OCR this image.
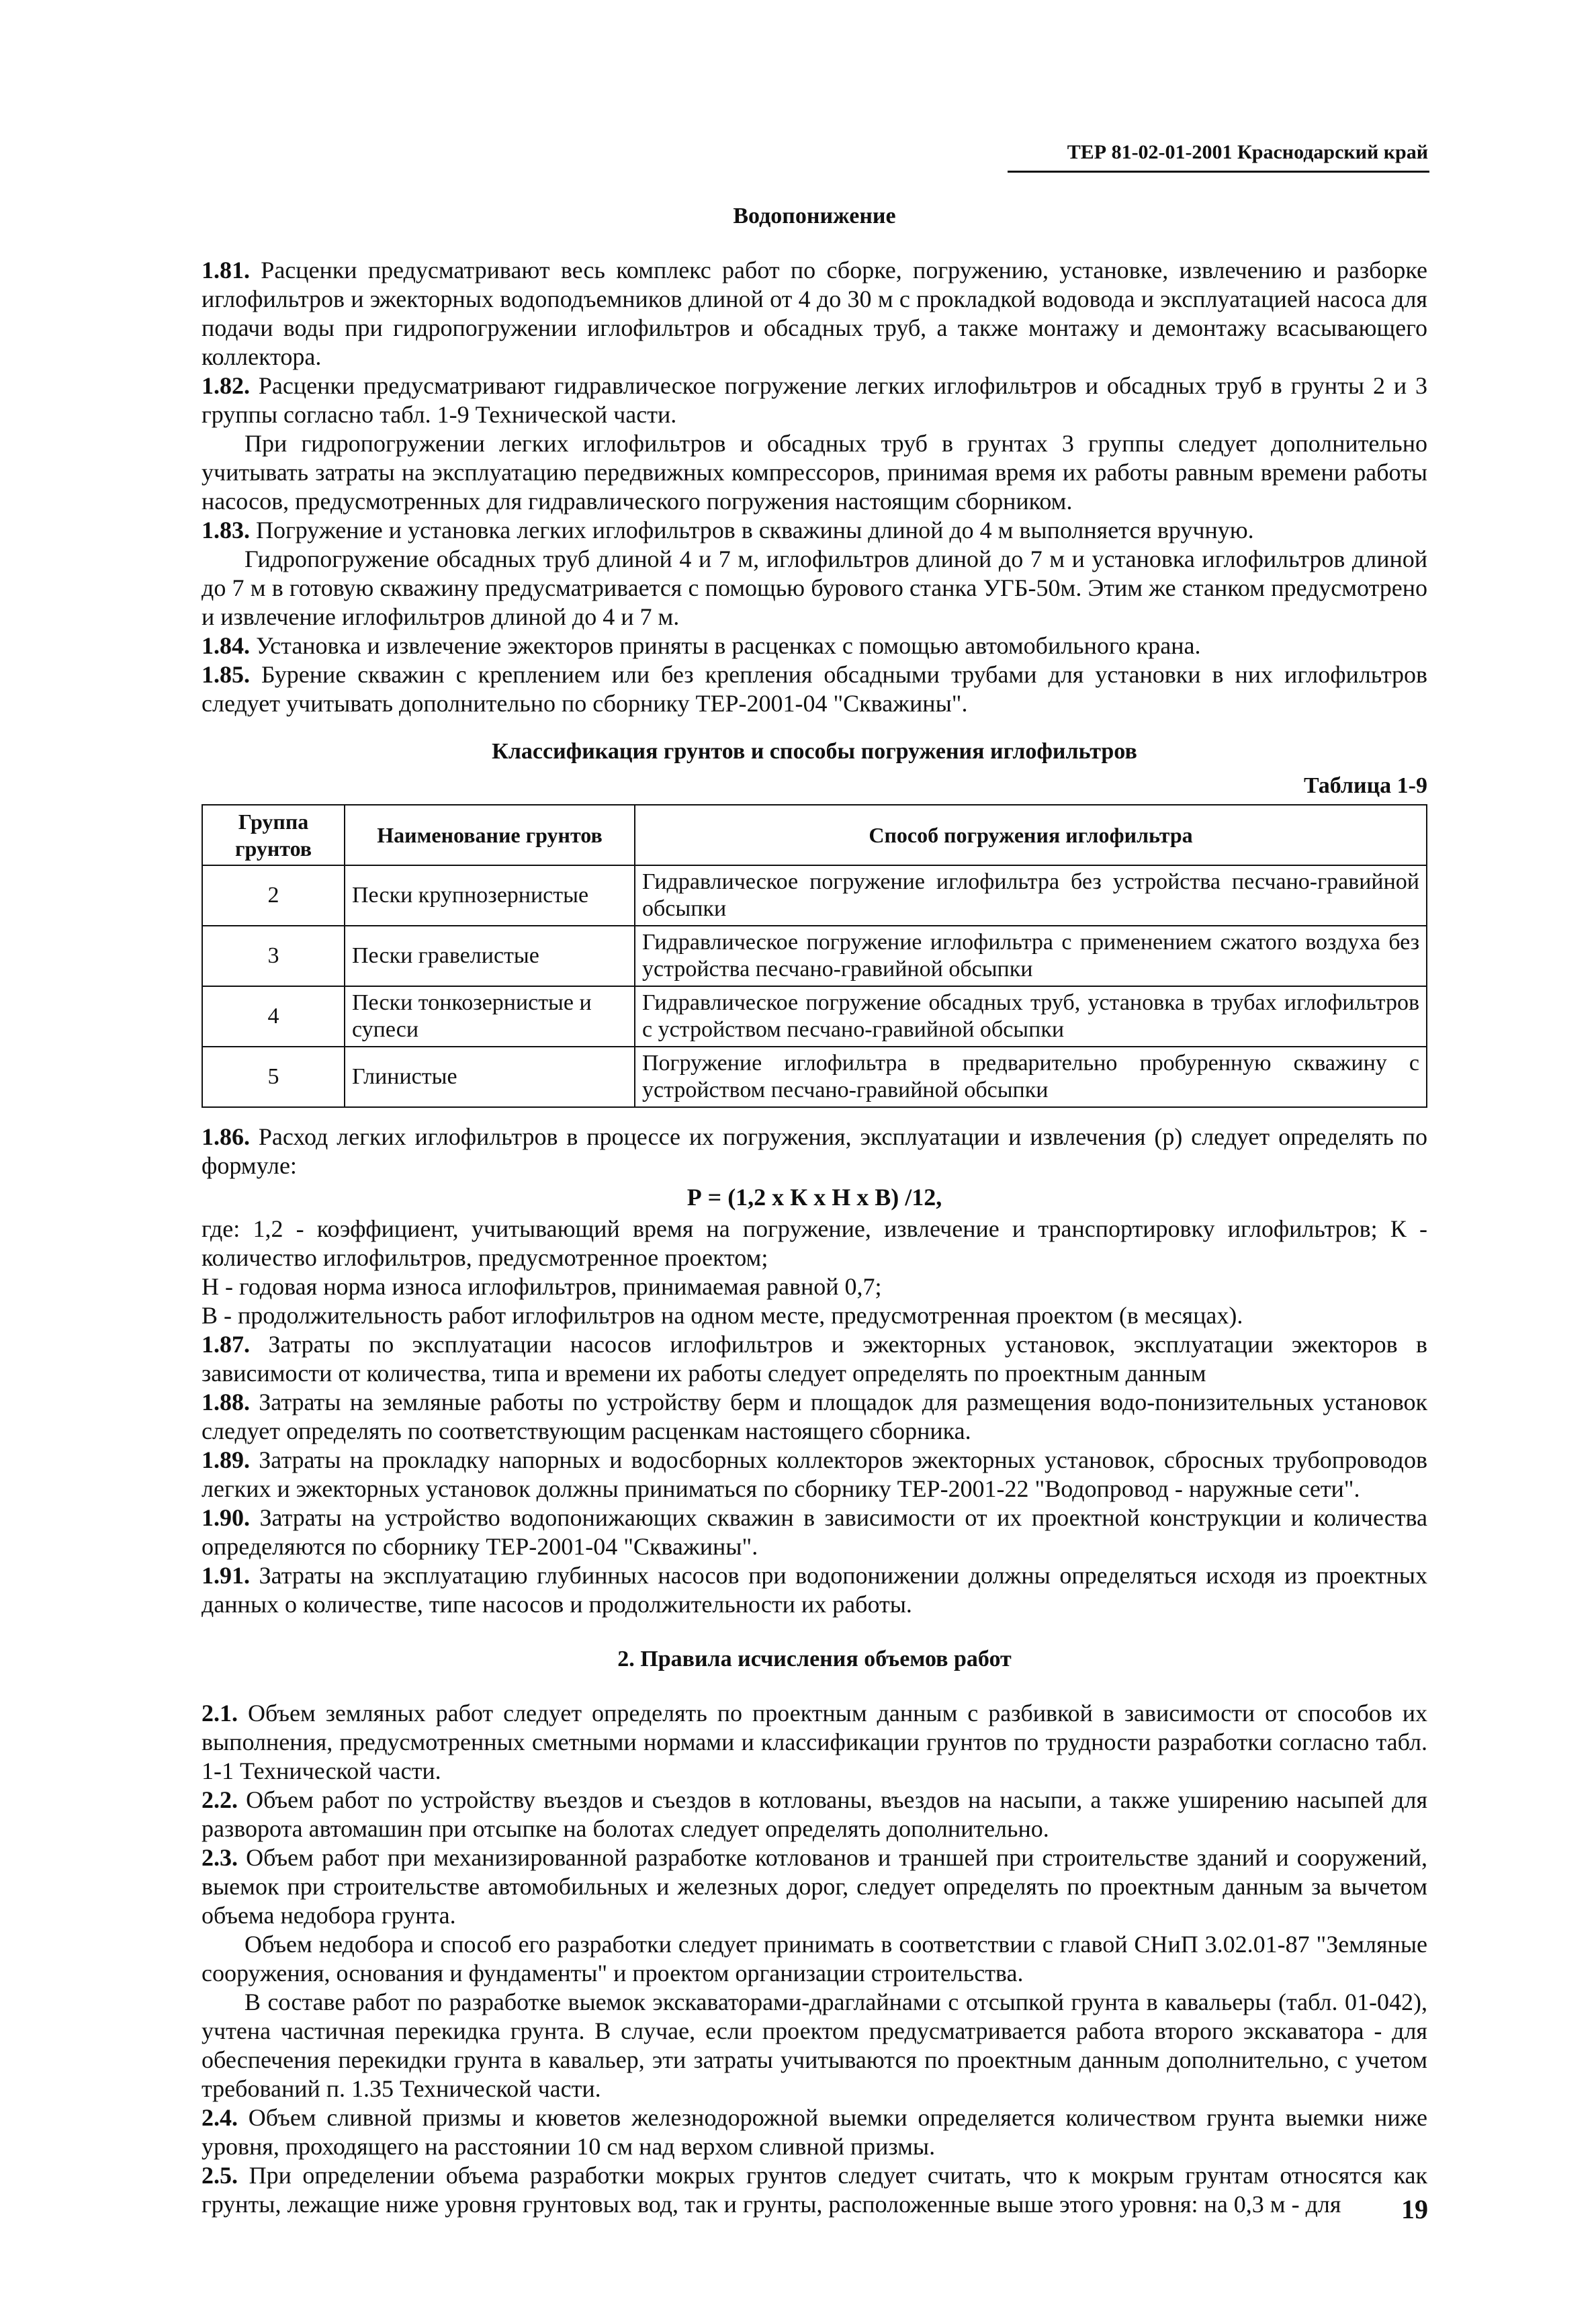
ТЕР 81-02-01-2001 Краснодарский край
Водопонижение

1.81. Расценки предусматривают весь комплекс работ по сборке, погружению, установке, извлечению и разборке иглофильтров и эжекторных водоподъемников длиной от 4 до 30 м с прокладкой водовода и эксплуатацией насоса для подачи воды при гидропогружении иглофильтров и обсадных труб, а также монтажу и демонтажу всасывающего коллектора.

1.82. Расценки предусматривают гидравлическое погружение легких иглофильтров и обсадных труб в грунты 2 и 3 группы согласно табл. 1-9 Технической части.

При гидропогружении легких иглофильтров и обсадных труб в грунтах 3 группы следует дополнительно учитывать затраты на эксплуатацию передвижных компрессоров, принимая время их работы равным времени работы насосов, предусмотренных для гидравлического погружения настоящим сборником.

1.83. Погружение и установка легких иглофильтров в скважины длиной до 4 м выполняется вручную.

Гидропогружение обсадных труб длиной 4 и 7 м, иглофильтров длиной до 7 м и установка иглофильтров длиной до 7 м в готовую скважину предусматривается с помощью бурового станка УГБ-50м. Этим же станком предусмотрено и извлечение иглофильтров длиной до 4 и 7 м.

1.84. Установка и извлечение эжекторов приняты в расценках с помощью автомобильного крана.

1.85. Бурение скважин с креплением или без крепления обсадными трубами для установки в них иглофильтров следует учитывать дополнительно по сборнику ТЕР-2001-04 "Скважины".

Классификация грунтов и способы погружения иглофильтров
Таблица 1-9
Группа грунтов	Наименование грунтов	Способ погружения иглофильтра
2	Пески крупнозернистые	Гидравлическое погружение иглофильтра без устройства песчано-гравийной обсыпки
3	Пески гравелистые	Гидравлическое погружение иглофильтра с применением сжатого воздуха без устройства песчано-гравийной обсыпки
4	Пески тонкозернистые и супеси	Гидравлическое погружение обсадных труб, установка в трубах иглофильтров с устройством песчано-гравийной обсыпки
5	Глинистые	Погружение иглофильтра в предварительно пробуренную скважину с устройством песчано-гравийной обсыпки

1.86. Расход легких иглофильтров в процессе их погружения, эксплуатации и извлечения (р) следует определять по формуле:

Р = (1,2 х К х Н х В) /12,

где: 1,2 - коэффициент, учитывающий время на погружение, извлечение и транспортировку иглофильтров; К - количество иглофильтров, предусмотренное проектом;

Н - годовая норма износа иглофильтров, принимаемая равной 0,7;

В - продолжительность работ иглофильтров на одном месте, предусмотренная проектом (в месяцах).

1.87. Затраты по эксплуатации насосов иглофильтров и эжекторных установок, эксплуатации эжекторов в зависимости от количества, типа и времени их работы следует определять по проектным данным

1.88. Затраты на земляные работы по устройству берм и площадок для размещения водо-понизительных установок следует определять по соответствующим расценкам настоящего сборника.

1.89. Затраты на прокладку напорных и водосборных коллекторов эжекторных установок, сбросных трубопроводов легких и эжекторных установок должны приниматься по сборнику ТЕР-2001-22 "Водопровод - наружные сети".

1.90. Затраты на устройство водопонижающих скважин в зависимости от их проектной конструкции и количества определяются по сборнику ТЕР-2001-04 "Скважины".

1.91. Затраты на эксплуатацию глубинных насосов при водопонижении должны определяться исходя из проектных данных о количестве, типе насосов и продолжительности их работы.

2. Правила исчисления объемов работ

2.1. Объем земляных работ следует определять по проектным данным с разбивкой в зависимости от способов их выполнения, предусмотренных сметными нормами и классификации грунтов по трудности разработки согласно табл. 1-1 Технической части.

2.2. Объем работ по устройству въездов и съездов в котлованы, въездов на насыпи, а также уширению насыпей для разворота автомашин при отсыпке на болотах следует определять дополнительно.

2.3. Объем работ при механизированной разработке котлованов и траншей при строительстве зданий и сооружений, выемок при строительстве автомобильных и железных дорог, следует определять по проектным данным за вычетом объема недобора грунта.

Объем недобора и способ его разработки следует принимать в соответствии с главой СНиП 3.02.01-87 "Земляные сооружения, основания и фундаменты" и проектом организации строительства.

В составе работ по разработке выемок экскаваторами-драглайнами с отсыпкой грунта в кавальеры (табл. 01-042), учтена частичная перекидка грунта. В случае, если проектом предусматривается работа второго экскаватора - для обеспечения перекидки грунта в кавальер, эти затраты учитываются по проектным данным дополнительно, с учетом требований п. 1.35 Технической части.

2.4. Объем сливной призмы и кюветов железнодорожной выемки определяется количеством грунта выемки ниже уровня, проходящего на расстоянии 10 см над верхом сливной призмы.

2.5. При определении объема разработки мокрых грунтов следует считать, что к мокрым грунтам относятся как грунты, лежащие ниже уровня грунтовых вод, так и грунты, расположенные выше этого уровня: на 0,3 м - для	19
